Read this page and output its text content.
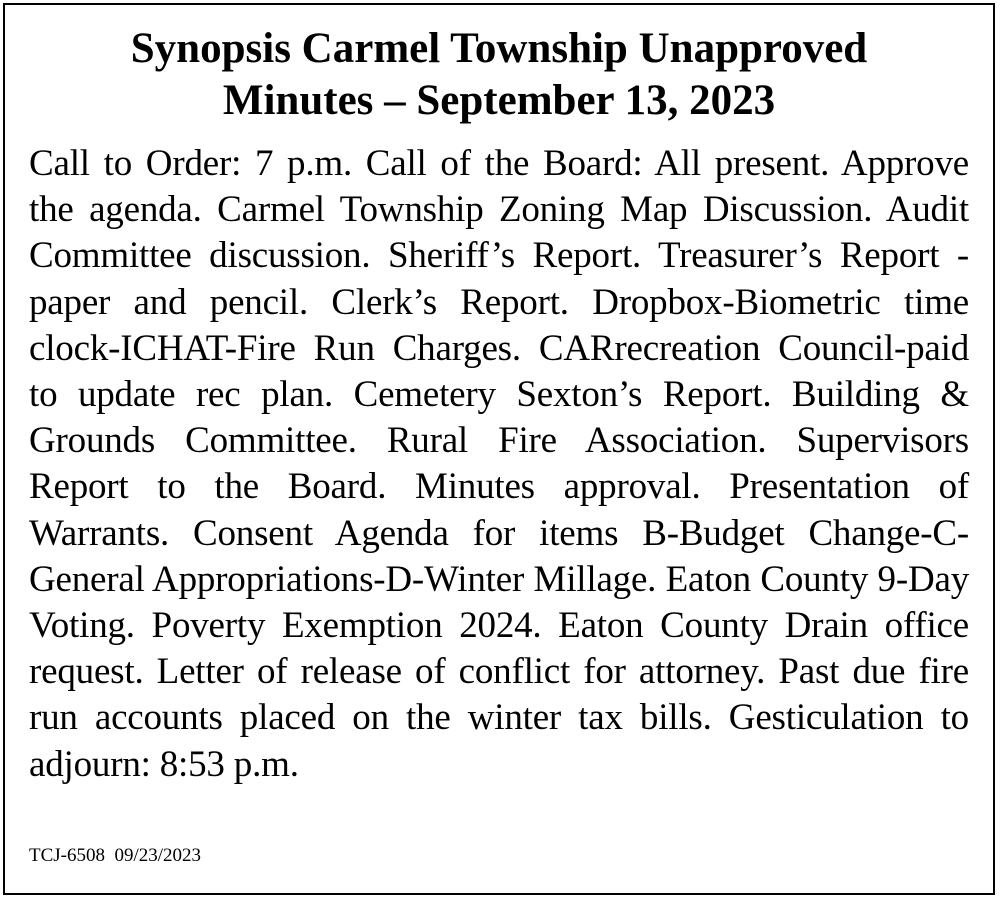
Synopsis Carmel Township Unapproved
Minutes – September 13, 2023
Call to Order: 7 p.m. Call of the Board: All present. Approve the agenda. Carmel Township Zoning Map Discussion. Audit Committee discussion. Sheriff’s Report. Treasurer’s Report - paper and pencil. Clerk’s Report. Dropbox-Biometric time clock-ICHAT-Fire Run Charges. CARrecreation Council-paid to update rec plan. Cemetery Sexton’s Report. Building & Grounds Committee. Rural Fire Association. Supervisors Report to the Board. Minutes approval. Presentation of Warrants. Consent Agenda for items B-Budget Change-C-General Appropriations-D-Winter Millage. Eaton County 9-Day Voting. Poverty Exemption 2024. Eaton County Drain office request. Letter of release of conflict for attorney. Past due fire run accounts placed on the winter tax bills. Gesticulation to adjourn: 8:53 p.m.
TCJ-6508 09/23/2023
